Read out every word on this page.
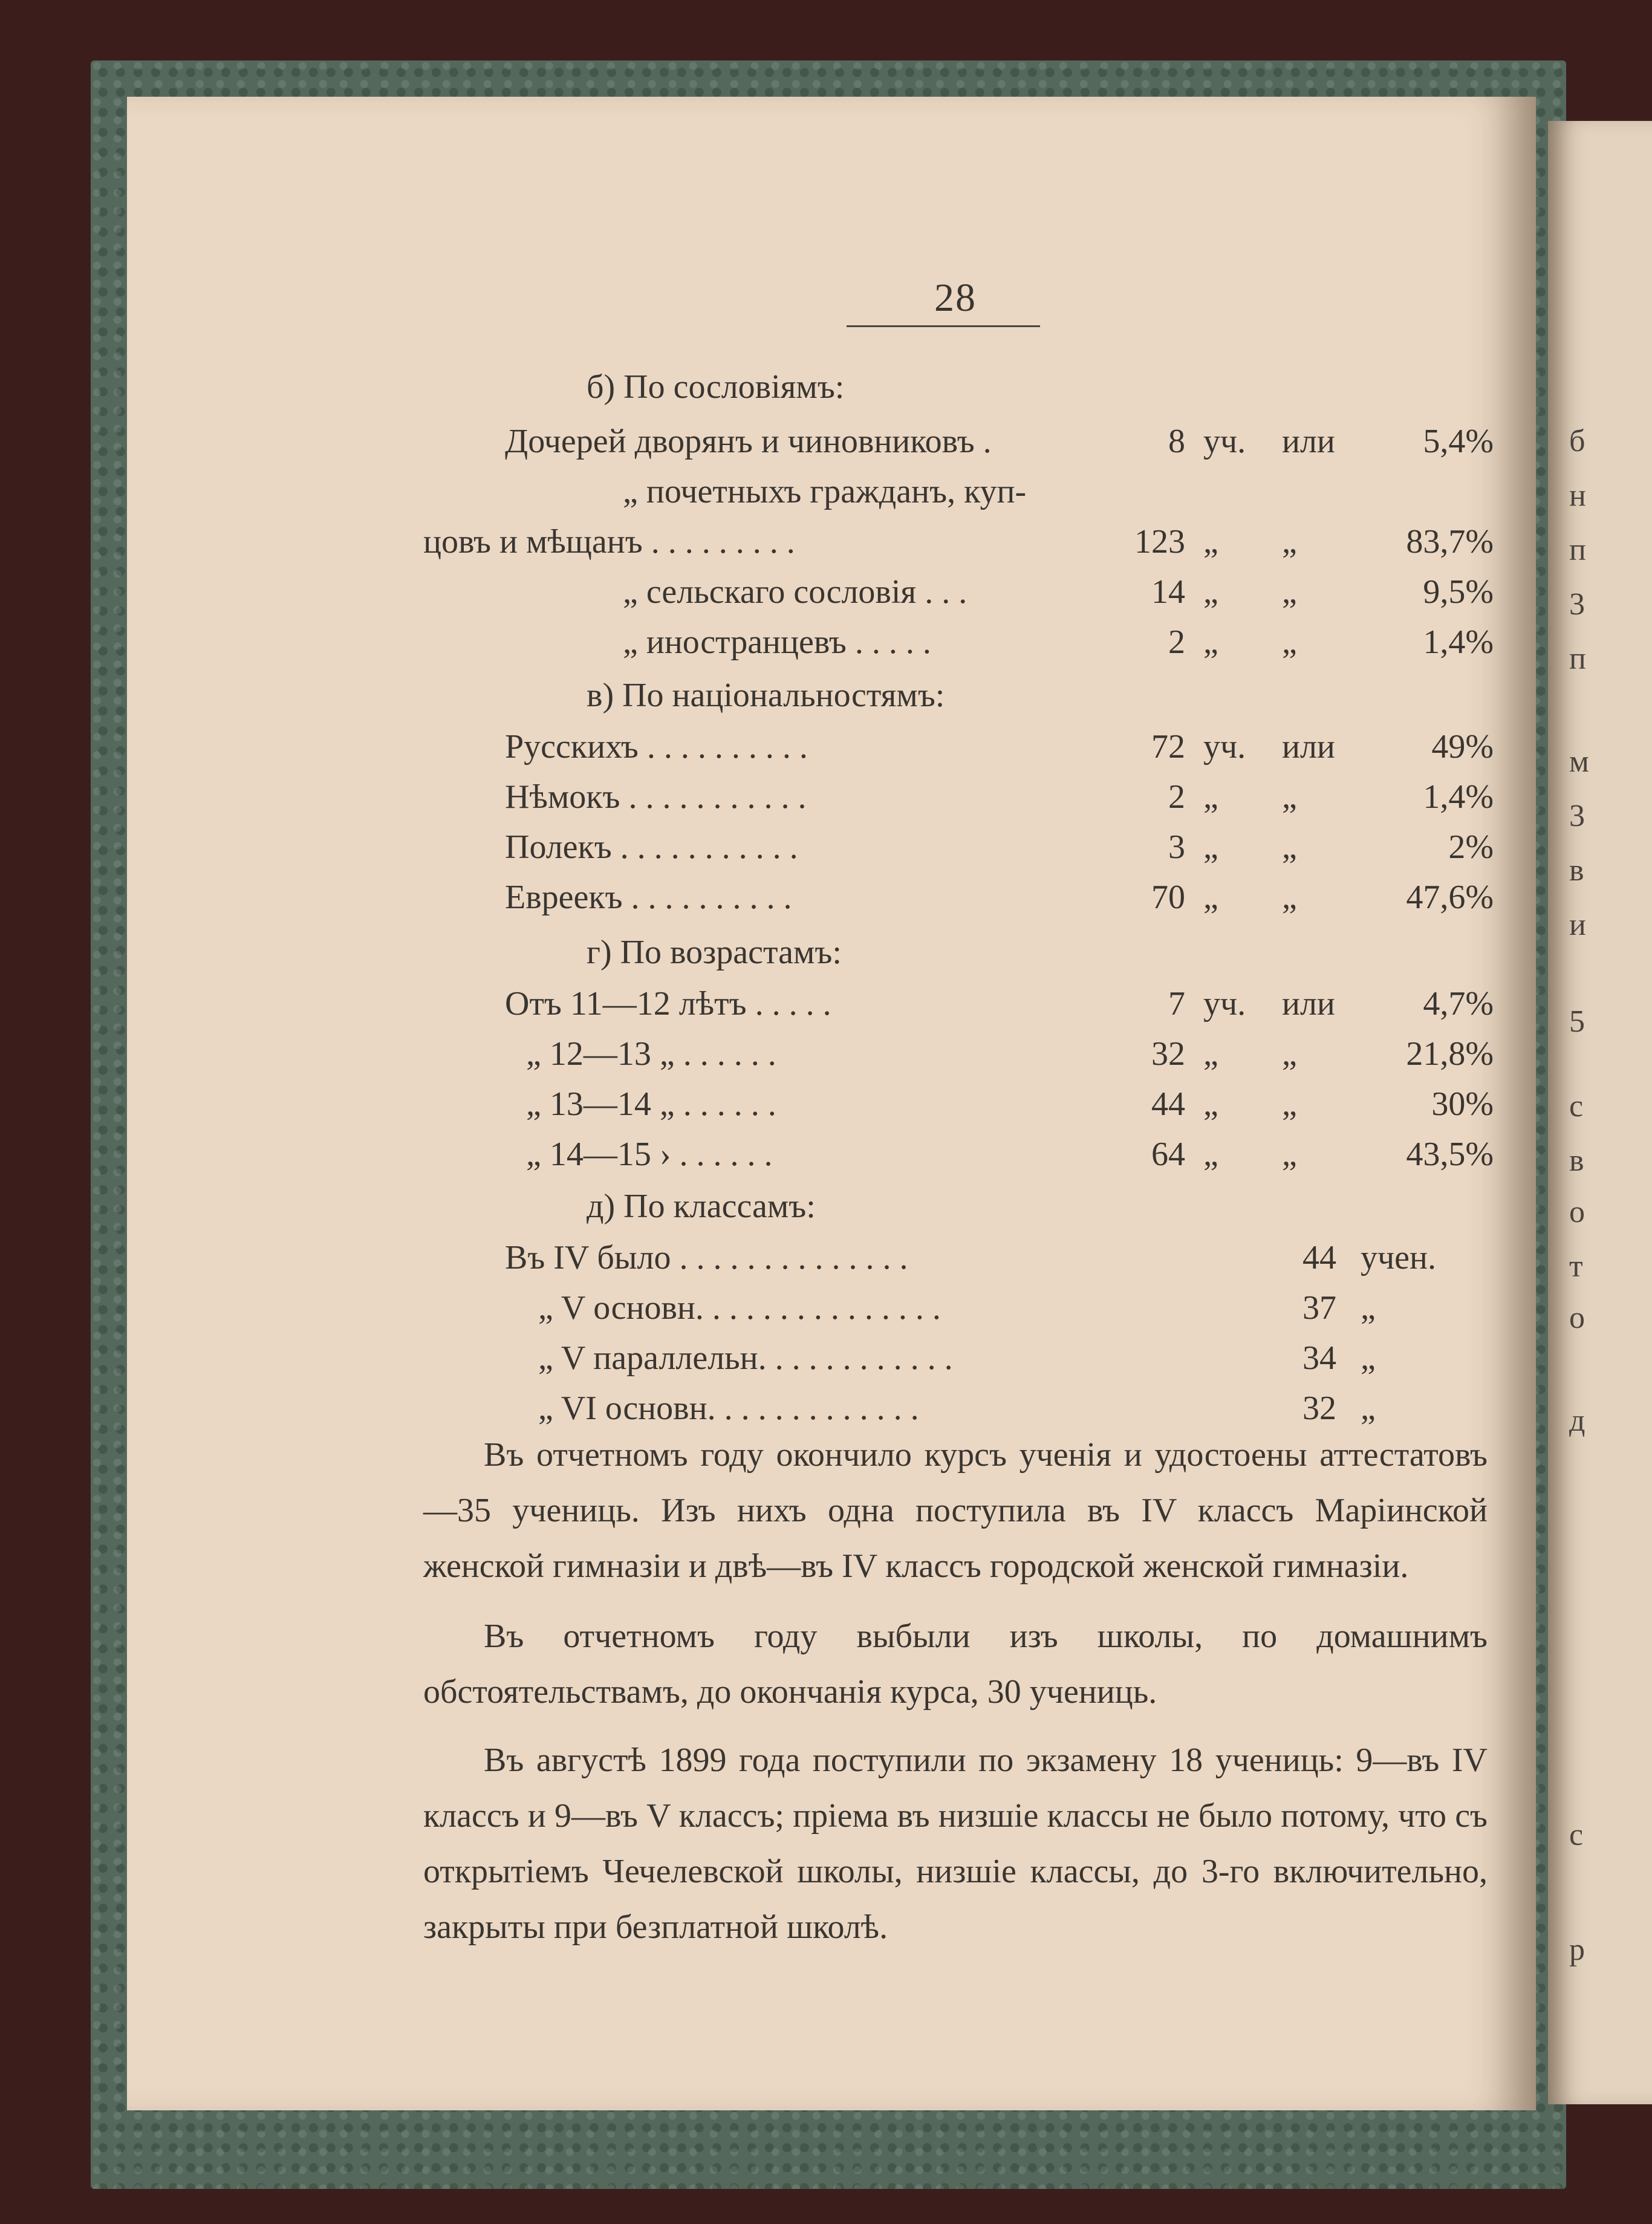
28
б) По сословіямъ:
Дочерей дворянъ и чиновниковъ .	8 уч.	или	5,4%
„ почетныхъ гражданъ, куп-
цовъ и мѣщанъ . . . . . . . . .	123 „	„	83,7%
„ сельскаго сословія . . .	14 „	„	9,5%
„ иностранцевъ . . . . .	2 „	„	1,4%
в) По національностямъ:
Русскихъ . . . . . . . . . .	72 уч.	или	49%
Нѣмокъ . . . . . . . . . . .	2 „	„	1,4%
Полекъ . . . . . . . . . . .	3 „	„	2%
Евреекъ . . . . . . . . . .	70 „	„	47,6%
г) По возрастамъ:
Отъ 11—12 лѣтъ . . . . .	7 уч.	или	4,7%
„ 12—13 „ . . . . . .	32 „	„	21,8%
„ 13—14 „ . . . . . .	44 „	„	30%
„ 14—15 › . . . . . .	64 „	„	43,5%
д) По классамъ:
Въ IV было . . . . . . . . . . . . . .	44 учен.
„ V основн. . . . . . . . . . . . . . .	37 „
„ V параллельн. . . . . . . . . . . .	34 „
„ VI основн. . . . . . . . . . . . .	32 „
Въ отчетномъ году окончило курсъ ученія и удостоены аттестатовъ—35 учениць. Изъ нихъ одна поступила въ IV классъ Маріинской женской гимназіи и двѣ—въ IV классъ городской женской гимназіи.
Въ отчетномъ году выбыли изъ школы, по домашнимъ обстоятельствамъ, до окончанія курса, 30 учениць.
Въ августѣ 1899 года поступили по экзамену 18 учениць: 9—въ IV классъ и 9—въ V классъ; пріема въ низшіе классы не было потому, что съ открытіемъ Чечелевской школы, низшіе классы, до 3-го включительно, закрыты при безплатной школѣ.
б
н
п
3
п
м
3
в
и
5
с
в
о
т
о
д
с
р
